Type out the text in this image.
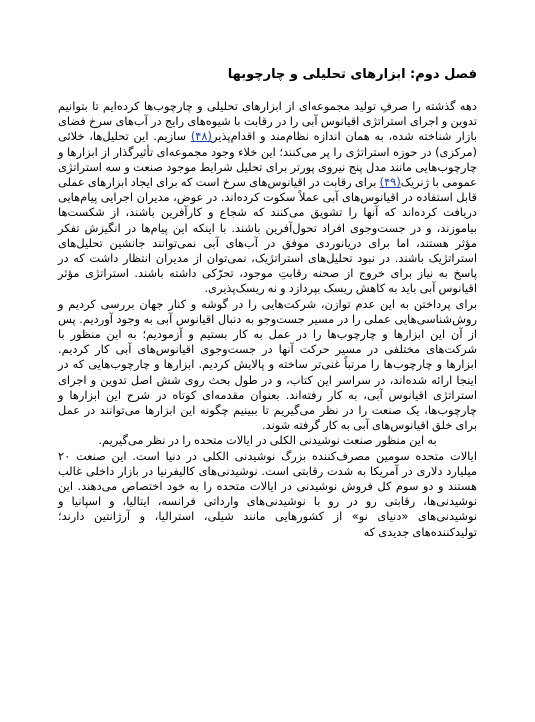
فصل دوم: ابزارهای تحلیلی و چارچوبها

دهه گذشته را صرفِ تولید مجموعه‌ای از ابزارهای تحلیلی و چارچوب‌ها کرده‌ایم تا بتوانیم تدوین و اجرای استراتژی اقیانوس آبی را در رقابت با شیوه‌های رایج در آب‌های سرخ فضای بازار شناخته شده، به همان اندازه نظام‌مند و اقدام‌پذیر(۴۸) سازیم. این تحلیل‌ها، خلائی (مرکزی) در حوزه استراتژی را پر می‌کنند؛ این خلاء وجود مجموعه‌ای تأثیرگذار از ابزارها و چارچوب‌هایی مانند مدل پنج نیروی پورتر برای تحلیل شرایط موجود صنعت و سه استراتژی عمومی با ژنریک(۴۹) برای رقابت در اقیانوس‌های سرخ است که برای ایجاد ابزارهای عملی قابل استفاده در اقیانوس‌های آبی عملاً سکوت کرده‌اند. در عوض، مدیران اجرایی پیام‌هایی دریافت کرده‌اند که آنها را تشویق می‌کنند که شجاع و کارآفرین باشند، از شکست‌ها بیاموزند، و در جست‌وجوی افراد تحول‌آفرین باشند. با اینکه این پیام‌ها در انگیزش تفکر مؤثر هستند، اما برای دریانوردی موفق در آب‌های آبی نمی‌توانند جانشین تحلیل‌های استراتژیک باشند. در نبود تحلیل‌های استراتژیک، نمی‌توان از مدیران انتظار داشت که در پاسخ به نیاز برای خروج از صحنه رقابتِ موجود، تحرّکی داشته باشند. استراتژی مؤثر اقیانوس آبی باید به کاهش ریسک بپردازد و نه ریسک‌پذیری.

برای پرداختن به این عدم توازن، شرکت‌هایی را در گوشه و کنار جهان بررسی کردیم و روش‌شناسی‌هایی عملی را در مسیر جست‌وجو به دنبال اقیانوس آبی به وجود آوردیم. پس از آن این ابزارها و چارچوب‌ها را در عمل به کار بستیم و آزمودیم؛ به این منظور با شرکت‌های مختلفی در مسیر حرکت آنها در جست‌وجوی اقیانوس‌های آبی کار کردیم. ابزارها و چارچوب‌ها را مرتباً غنی‌تر ساخته و پالایش کردیم. ابزارها و چارچوب‌هایی که در اینجا ارائه شده‌اند، در سراسر این کتاب، و در طول بحث روی شش اصل تدوین و اجرای استراتژی اقیانوس آبی، به کار رفته‌اند. بعنوان مقدمه‌ای کوتاه در شرح این ابزارها و چارچوب‌ها، یک صنعت را در نظر می‌گیریم تا ببینیم چگونه این ابزارها می‌توانند در عمل برای خلق اقیانوس‌های آبی به کار گرفته شوند.

به این منظور صنعت نوشیدنی الکلی در ایالات متحده را در نظر می‌گیریم.

ایالات متحده سومین مصرف‌کننده بزرگ نوشیدنی الکلی در دنیا است. این صنعت ۲۰ میلیارد دلاری در آمریکا به شدت رقابتی است. نوشیدنی‌های کالیفرنیا در بازار داخلی غالب هستند و دو سوم کل فروش نوشیدنی در ایالات متحده را به خود اختصاص می‌دهند. این نوشیدنی‌ها، رقابتی رو در رو با نوشیدنی‌های وارداتی فرانسه، ایتالیا، و اسپانیا و نوشیدنی‌های «دنیای نو» از کشورهایی مانند شیلی، استرالیا، و آرژانتین دارند؛ تولیدکننده‌های جدیدی که
